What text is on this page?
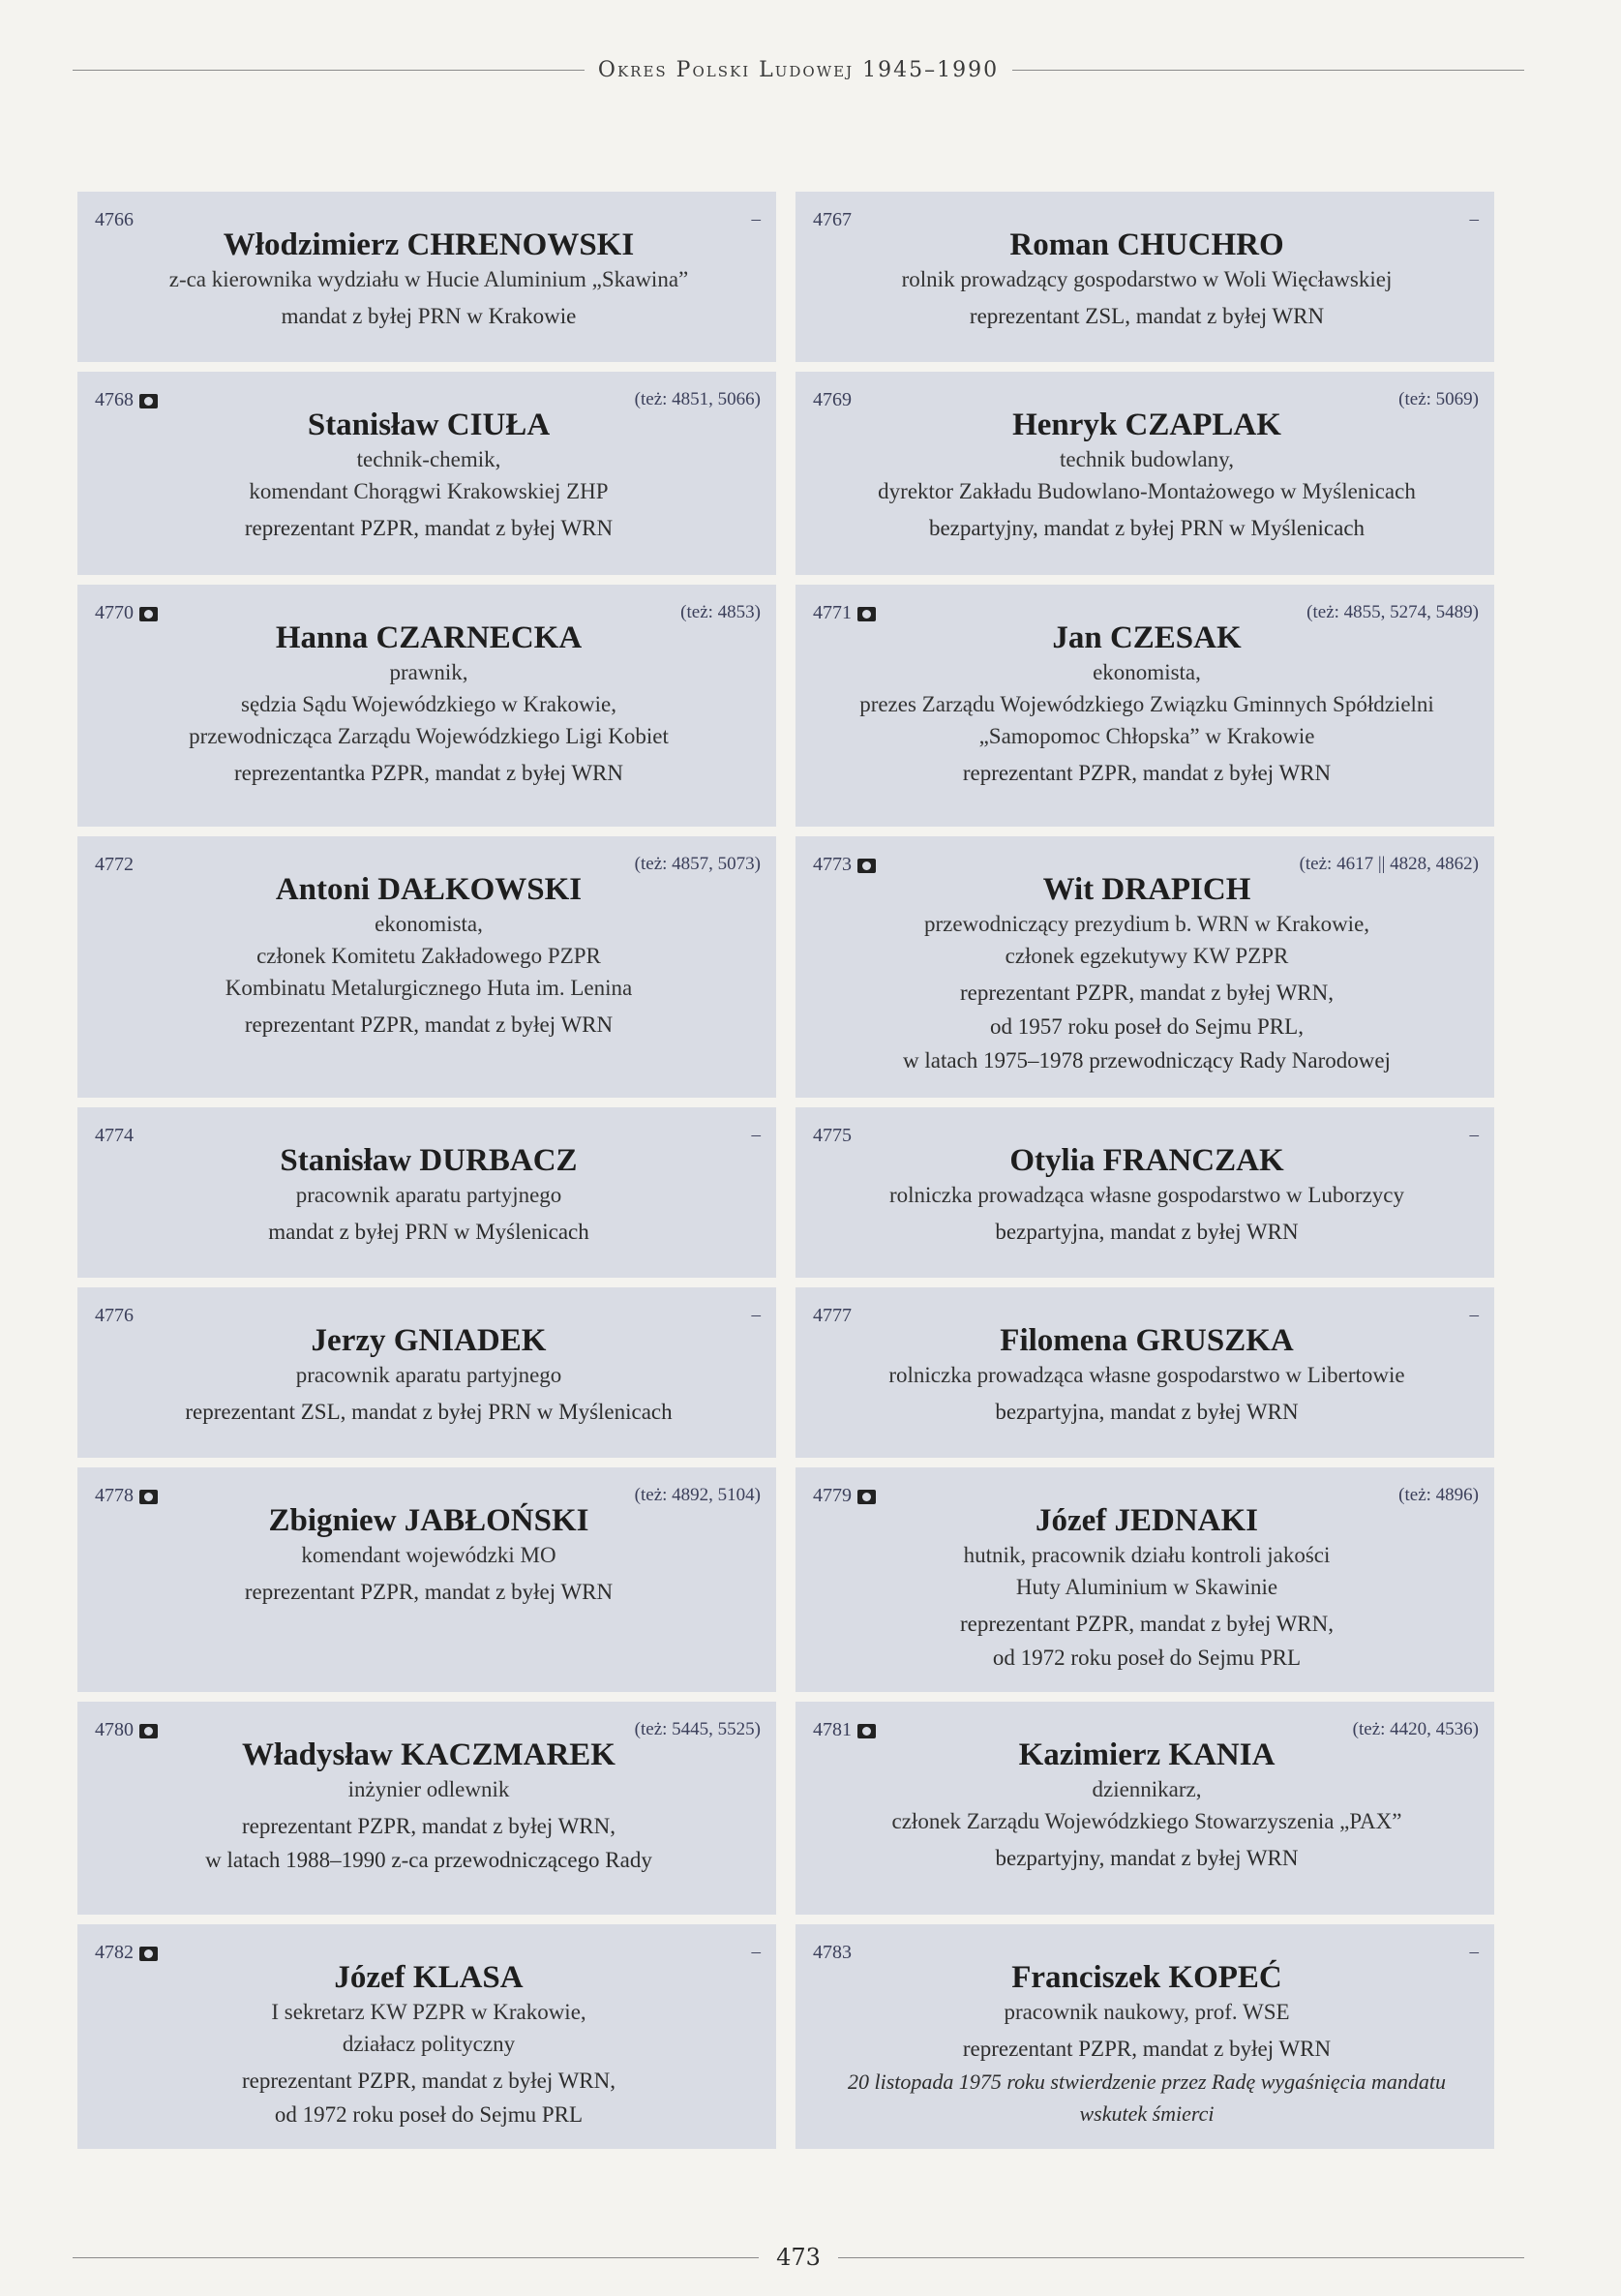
Okres Polski Ludowej 1945–1990
4766	–
Włodzimierz CHRENOWSKI
z-ca kierownika wydziału w Hucie Aluminium „Skawina”
mandat z byłej PRN w Krakowie
4767	–
Roman CHUCHRO
rolnik prowadzący gospodarstwo w Woli Więcławskiej
reprezentant ZSL, mandat z byłej WRN
4768	(też: 4851, 5066)
Stanisław CIUŁA
technik-chemik,
komendant Chorągwi Krakowskiej ZHP
reprezentant PZPR, mandat z byłej WRN
4769	(też: 5069)
Henryk CZAPLAK
technik budowlany,
dyrektor Zakładu Budowlano-Montażowego w Myślenicach
bezpartyjny, mandat z byłej PRN w Myślenicach
4770	(też: 4853)
Hanna CZARNECKA
prawnik,
sędzia Sądu Wojewódzkiego w Krakowie,
przewodnicząca Zarządu Wojewódzkiego Ligi Kobiet
reprezentantka PZPR, mandat z byłej WRN
4771	(też: 4855, 5274, 5489)
Jan CZESAK
ekonomista,
prezes Zarządu Wojewódzkiego Związku Gminnych Spółdzielni
„Samopomoc Chłopska” w Krakowie
reprezentant PZPR, mandat z byłej WRN
4772	(też: 4857, 5073)
Antoni DAŁKOWSKI
ekonomista,
członek Komitetu Zakładowego PZPR
Kombinatu Metalurgicznego Huta im. Lenina
reprezentant PZPR, mandat z byłej WRN
4773	(też: 4617 || 4828, 4862)
Wit DRAPICH
przewodniczący prezydium b. WRN w Krakowie,
członek egzekutywy KW PZPR
reprezentant PZPR, mandat z byłej WRN,
od 1957 roku poseł do Sejmu PRL,
w latach 1975–1978 przewodniczący Rady Narodowej
4774	–
Stanisław DURBACZ
pracownik aparatu partyjnego
mandat z byłej PRN w Myślenicach
4775	–
Otylia FRANCZAK
rolniczka prowadząca własne gospodarstwo w Luborzycy
bezpartyjna, mandat z byłej WRN
4776	–
Jerzy GNIADEK
pracownik aparatu partyjnego
reprezentant ZSL, mandat z byłej PRN w Myślenicach
4777	–
Filomena GRUSZKA
rolniczka prowadząca własne gospodarstwo w Libertowie
bezpartyjna, mandat z byłej WRN
4778	(też: 4892, 5104)
Zbigniew JABŁOŃSKI
komendant wojewódzki MO
reprezentant PZPR, mandat z byłej WRN
4779	(też: 4896)
Józef JEDNAKI
hutnik, pracownik działu kontroli jakości
Huty Aluminium w Skawinie
reprezentant PZPR, mandat z byłej WRN,
od 1972 roku poseł do Sejmu PRL
4780	(też: 5445, 5525)
Władysław KACZMAREK
inżynier odlewnik
reprezentant PZPR, mandat z byłej WRN,
w latach 1988–1990 z-ca przewodniczącego Rady
4781	(też: 4420, 4536)
Kazimierz KANIA
dziennikarz,
członek Zarządu Wojewódzkiego Stowarzyszenia „PAX”
bezpartyjny, mandat z byłej WRN
4782	–
Józef KLASA
I sekretarz KW PZPR w Krakowie,
działacz polityczny
reprezentant PZPR, mandat z byłej WRN,
od 1972 roku poseł do Sejmu PRL
4783	–
Franciszek KOPEĆ
pracownik naukowy, prof. WSE
reprezentant PZPR, mandat z byłej WRN
20 listopada 1975 roku stwierdzenie przez Radę wygaśnięcia mandatu
wskutek śmierci
473
